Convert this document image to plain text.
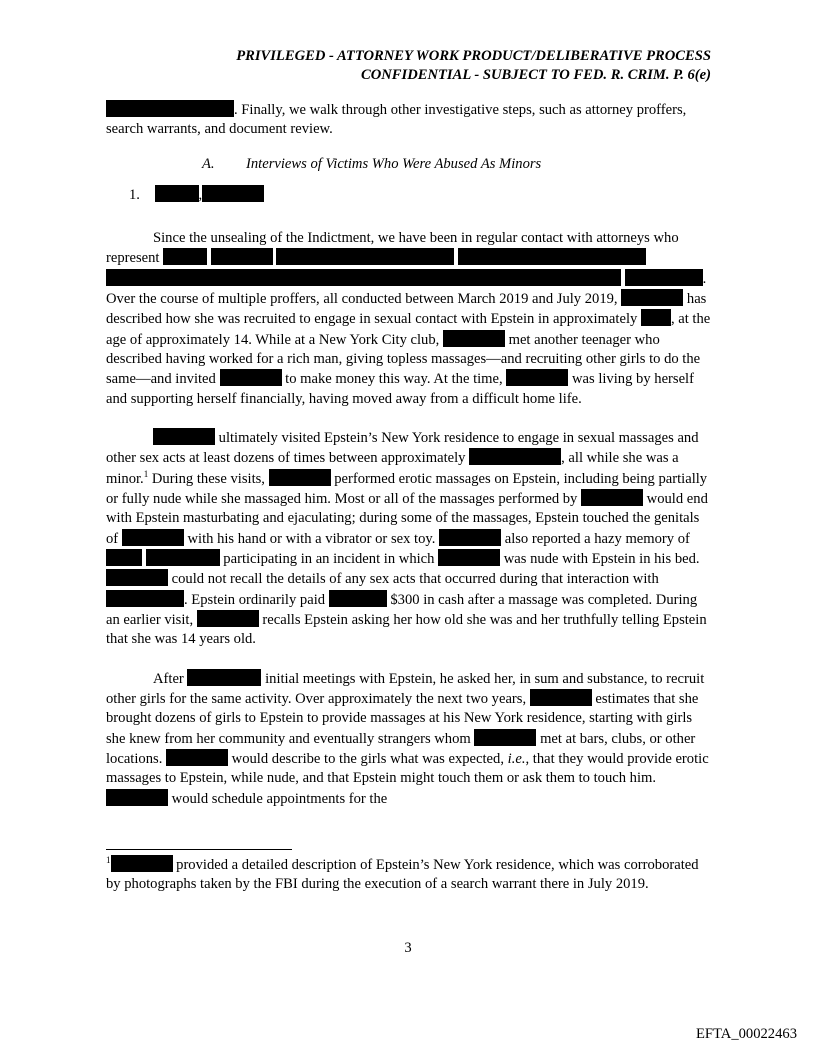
PRIVILEGED - ATTORNEY WORK PRODUCT/DELIBERATIVE PROCESS
CONFIDENTIAL - SUBJECT TO FED. R. CRIM. P. 6(e)

. Finally, we walk through other investigative steps, such as attorney proffers, search warrants, and document review.

A. Interviews of Victims Who Were Abused As Minors
1.	,

Since the unsealing of the Indictment, we have been in regular contact with attorneys who represent      . Over the course of multiple proffers, all conducted between March 2019 and July 2019,	has described how she was recruited to engage in sexual contact with Epstein in approximately , at the age of approximately 14. While at a New York City club,	met another teenager who described having worked for a rich man, giving topless massages—and recruiting other girls to do the same—and invited	to make money this way. At the time,	was living by herself and supporting herself financially, having moved away from a difficult home life.

ultimately visited Epstein’s New York residence to engage in sexual massages and other sex acts at least dozens of times between approximately	, all while she was a minor.$^1$ During these visits,	performed erotic massages on Epstein, including being partially or fully nude while she massaged him. Most or all of the massages performed by	would end with Epstein masturbating and ejaculating; during some of the massages, Epstein touched the genitals of	with his hand or with a vibrator or sex toy.	also reported a hazy memory of   participating in an incident in which	was nude with Epstein in his bed.  could not recall the details of any sex acts that occurred during that interaction with . Epstein ordinarily paid	$300 in cash after a massage was completed. During an earlier visit,	recalls Epstein asking her how old she was and her truthfully telling Epstein that she was 14 years old.

After	initial meetings with Epstein, he asked her, in sum and substance, to recruit other girls for the same activity. Over approximately the next two years,	estimates that she brought dozens of girls to Epstein to provide massages at his New York residence, starting with girls she knew from her community and eventually strangers whom	met at bars, clubs, or other locations.	would describe to the girls what was expected, i.e., that they would provide erotic massages to Epstein, while nude, and that Epstein might touch them or ask them to touch him.  would schedule appointments for the

$^1$	provided a detailed description of Epstein’s New York residence, which was corroborated by photographs taken by the FBI during the execution of a search warrant there in July 2019.
3
EFTA_00022463
